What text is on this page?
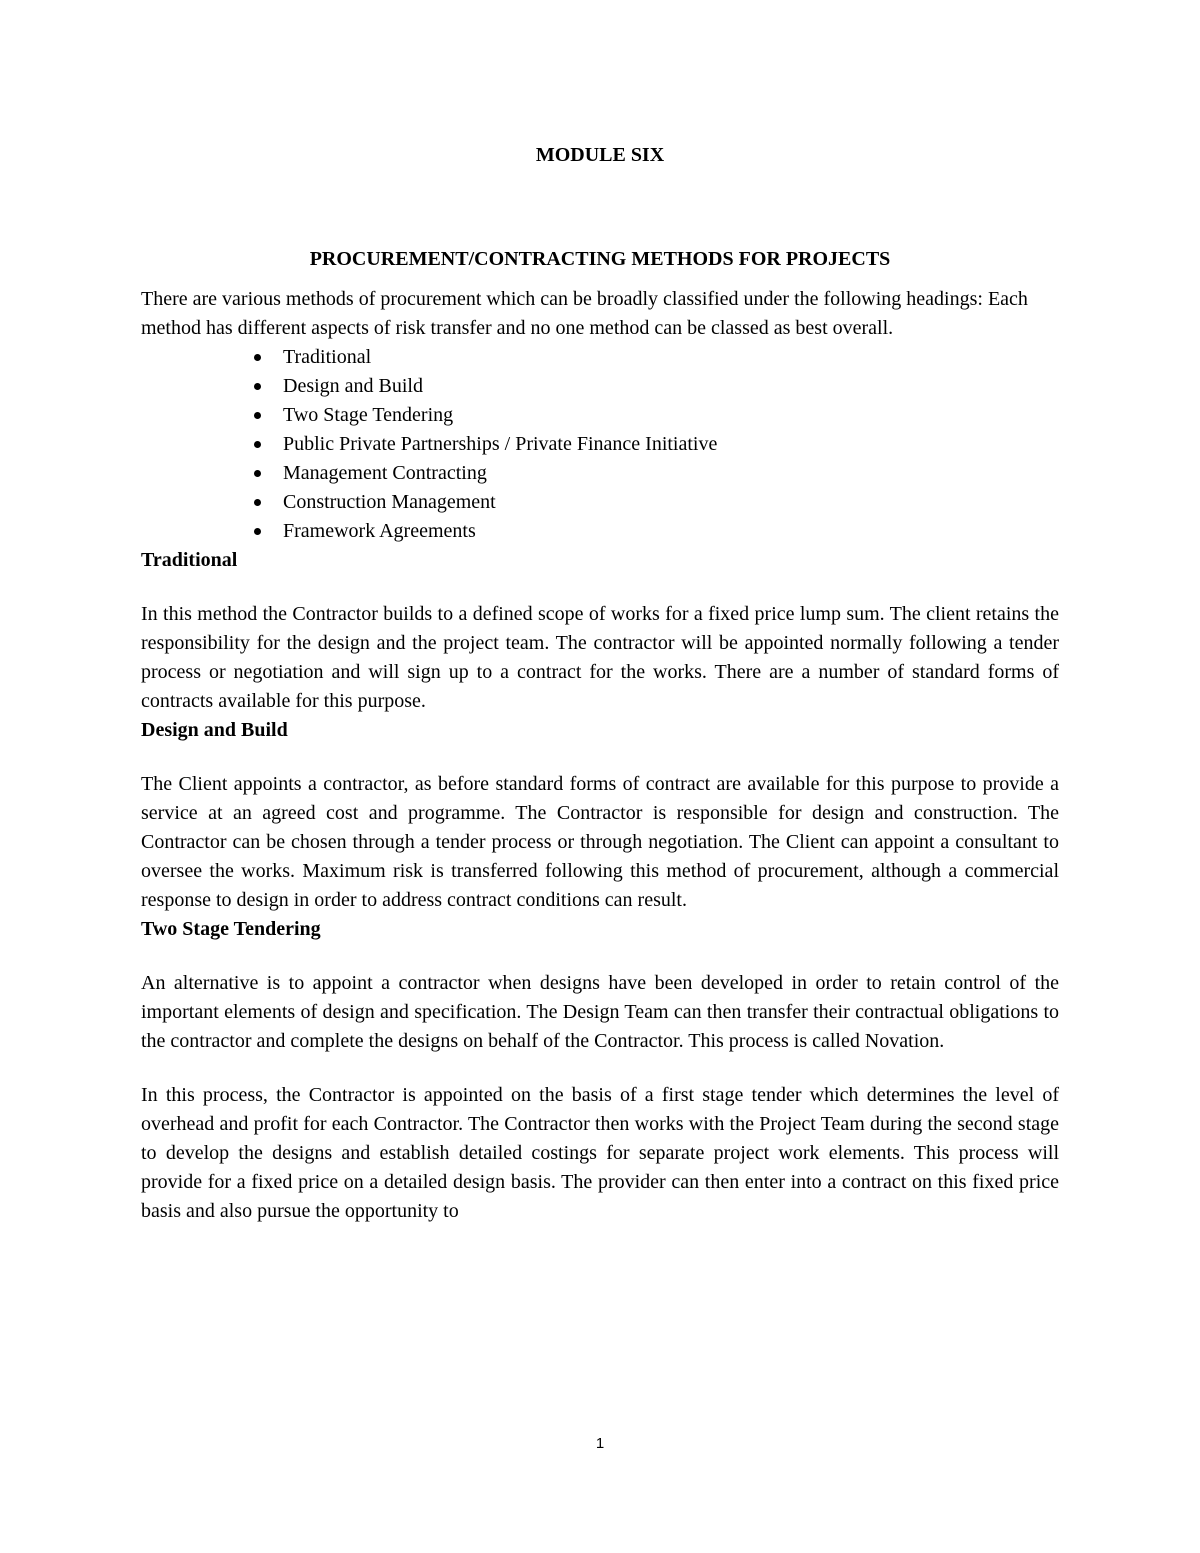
MODULE SIX
PROCUREMENT/CONTRACTING METHODS FOR PROJECTS

There are various methods of procurement which can be broadly classified under the following headings: Each method has different aspects of risk transfer and no one method can be classed as best overall.

Traditional
Design and Build
Two Stage Tendering
Public Private Partnerships / Private Finance Initiative
Management Contracting
Construction Management
Framework Agreements
Traditional

In this method the Contractor builds to a defined scope of works for a fixed price lump sum. The client retains the responsibility for the design and the project team. The contractor will be appointed normally following a tender process or negotiation and will sign up to a contract for the works. There are a number of standard forms of contracts available for this purpose.

Design and Build

The Client appoints a contractor, as before standard forms of contract are available for this purpose to provide a service at an agreed cost and programme. The Contractor is responsible for design and construction. The Contractor can be chosen through a tender process or through negotiation. The Client can appoint a consultant to oversee the works. Maximum risk is transferred following this method of procurement, although a commercial response to design in order to address contract conditions can result.

Two Stage Tendering

An alternative is to appoint a contractor when designs have been developed in order to retain control of the important elements of design and specification. The Design Team can then transfer their contractual obligations to the contractor and complete the designs on behalf of the Contractor. This process is called Novation.

In this process, the Contractor is appointed on the basis of a first stage tender which determines the level of overhead and profit for each Contractor. The Contractor then works with the Project Team during the second stage to develop the designs and establish detailed costings for separate project work elements. This process will provide for a fixed price on a detailed design basis. The provider can then enter into a contract on this fixed price basis and also pursue the opportunity to

1
